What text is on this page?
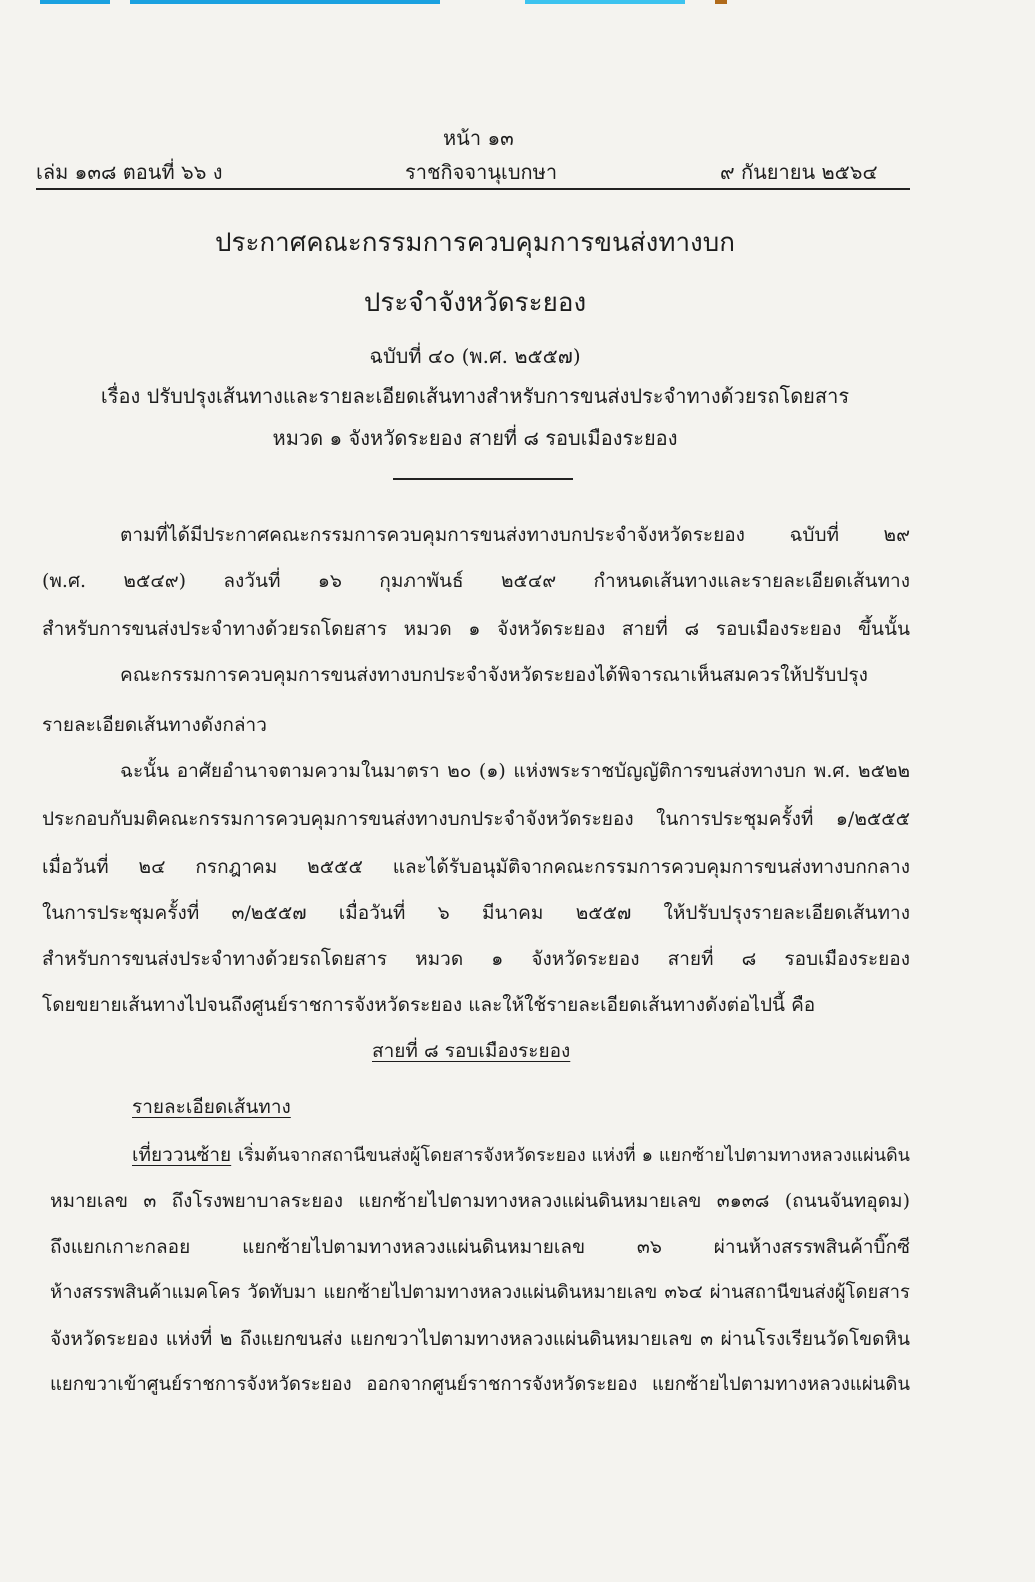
หน้า ๑๓
เล่ม ๑๓๘ ตอนที่ ๖๖ ง	ราชกิจจานุเบกษา	๙ กันยายน ๒๕๖๔
ประกาศคณะกรรมการควบคุมการขนส่งทางบก
ประจำจังหวัดระยอง
ฉบับที่ ๔๐ (พ.ศ. ๒๕๕๗)
เรื่อง ปรับปรุงเส้นทางและรายละเอียดเส้นทางสำหรับการขนส่งประจำทางด้วยรถโดยสาร
หมวด ๑ จังหวัดระยอง สายที่ ๘ รอบเมืองระยอง
ตามที่ได้มีประกาศคณะกรรมการควบคุมการขนส่งทางบกประจำจังหวัดระยอง ฉบับที่ ๒๙
(พ.ศ. ๒๕๔๙) ลงวันที่ ๑๖ กุมภาพันธ์ ๒๕๔๙ กำหนดเส้นทางและรายละเอียดเส้นทาง
สำหรับการขนส่งประจำทางด้วยรถโดยสาร หมวด ๑ จังหวัดระยอง สายที่ ๘ รอบเมืองระยอง ขึ้นนั้น
คณะกรรมการควบคุมการขนส่งทางบกประจำจังหวัดระยองได้พิจารณาเห็นสมควรให้ปรับปรุง
รายละเอียดเส้นทางดังกล่าว
ฉะนั้น อาศัยอำนาจตามความในมาตรา ๒๐ (๑) แห่งพระราชบัญญัติการขนส่งทางบก พ.ศ. ๒๕๒๒
ประกอบกับมติคณะกรรมการควบคุมการขนส่งทางบกประจำจังหวัดระยอง ในการประชุมครั้งที่ ๑/๒๕๕๕
เมื่อวันที่ ๒๔ กรกฎาคม ๒๕๕๕ และได้รับอนุมัติจากคณะกรรมการควบคุมการขนส่งทางบกกลาง
ในการประชุมครั้งที่ ๓/๒๕๕๗ เมื่อวันที่ ๖ มีนาคม ๒๕๕๗ ให้ปรับปรุงรายละเอียดเส้นทาง
สำหรับการขนส่งประจำทางด้วยรถโดยสาร หมวด ๑ จังหวัดระยอง สายที่ ๘ รอบเมืองระยอง
โดยขยายเส้นทางไปจนถึงศูนย์ราชการจังหวัดระยอง และให้ใช้รายละเอียดเส้นทางดังต่อไปนี้ คือ
สายที่ ๘ รอบเมืองระยอง
รายละเอียดเส้นทาง
เที่ยววนซ้าย เริ่มต้นจากสถานีขนส่งผู้โดยสารจังหวัดระยอง แห่งที่ ๑ แยกซ้ายไปตามทางหลวงแผ่นดิน
หมายเลข ๓ ถึงโรงพยาบาลระยอง แยกซ้ายไปตามทางหลวงแผ่นดินหมายเลข ๓๑๓๘ (ถนนจันทอุดม)
ถึงแยกเกาะกลอย แยกซ้ายไปตามทางหลวงแผ่นดินหมายเลข ๓๖ ผ่านห้างสรรพสินค้าบิ๊กซี
ห้างสรรพสินค้าแมคโคร วัดทับมา แยกซ้ายไปตามทางหลวงแผ่นดินหมายเลข ๓๖๔ ผ่านสถานีขนส่งผู้โดยสาร
จังหวัดระยอง แห่งที่ ๒ ถึงแยกขนส่ง แยกขวาไปตามทางหลวงแผ่นดินหมายเลข ๓ ผ่านโรงเรียนวัดโขดหิน
แยกขวาเข้าศูนย์ราชการจังหวัดระยอง ออกจากศูนย์ราชการจังหวัดระยอง แยกซ้ายไปตามทางหลวงแผ่นดิน
